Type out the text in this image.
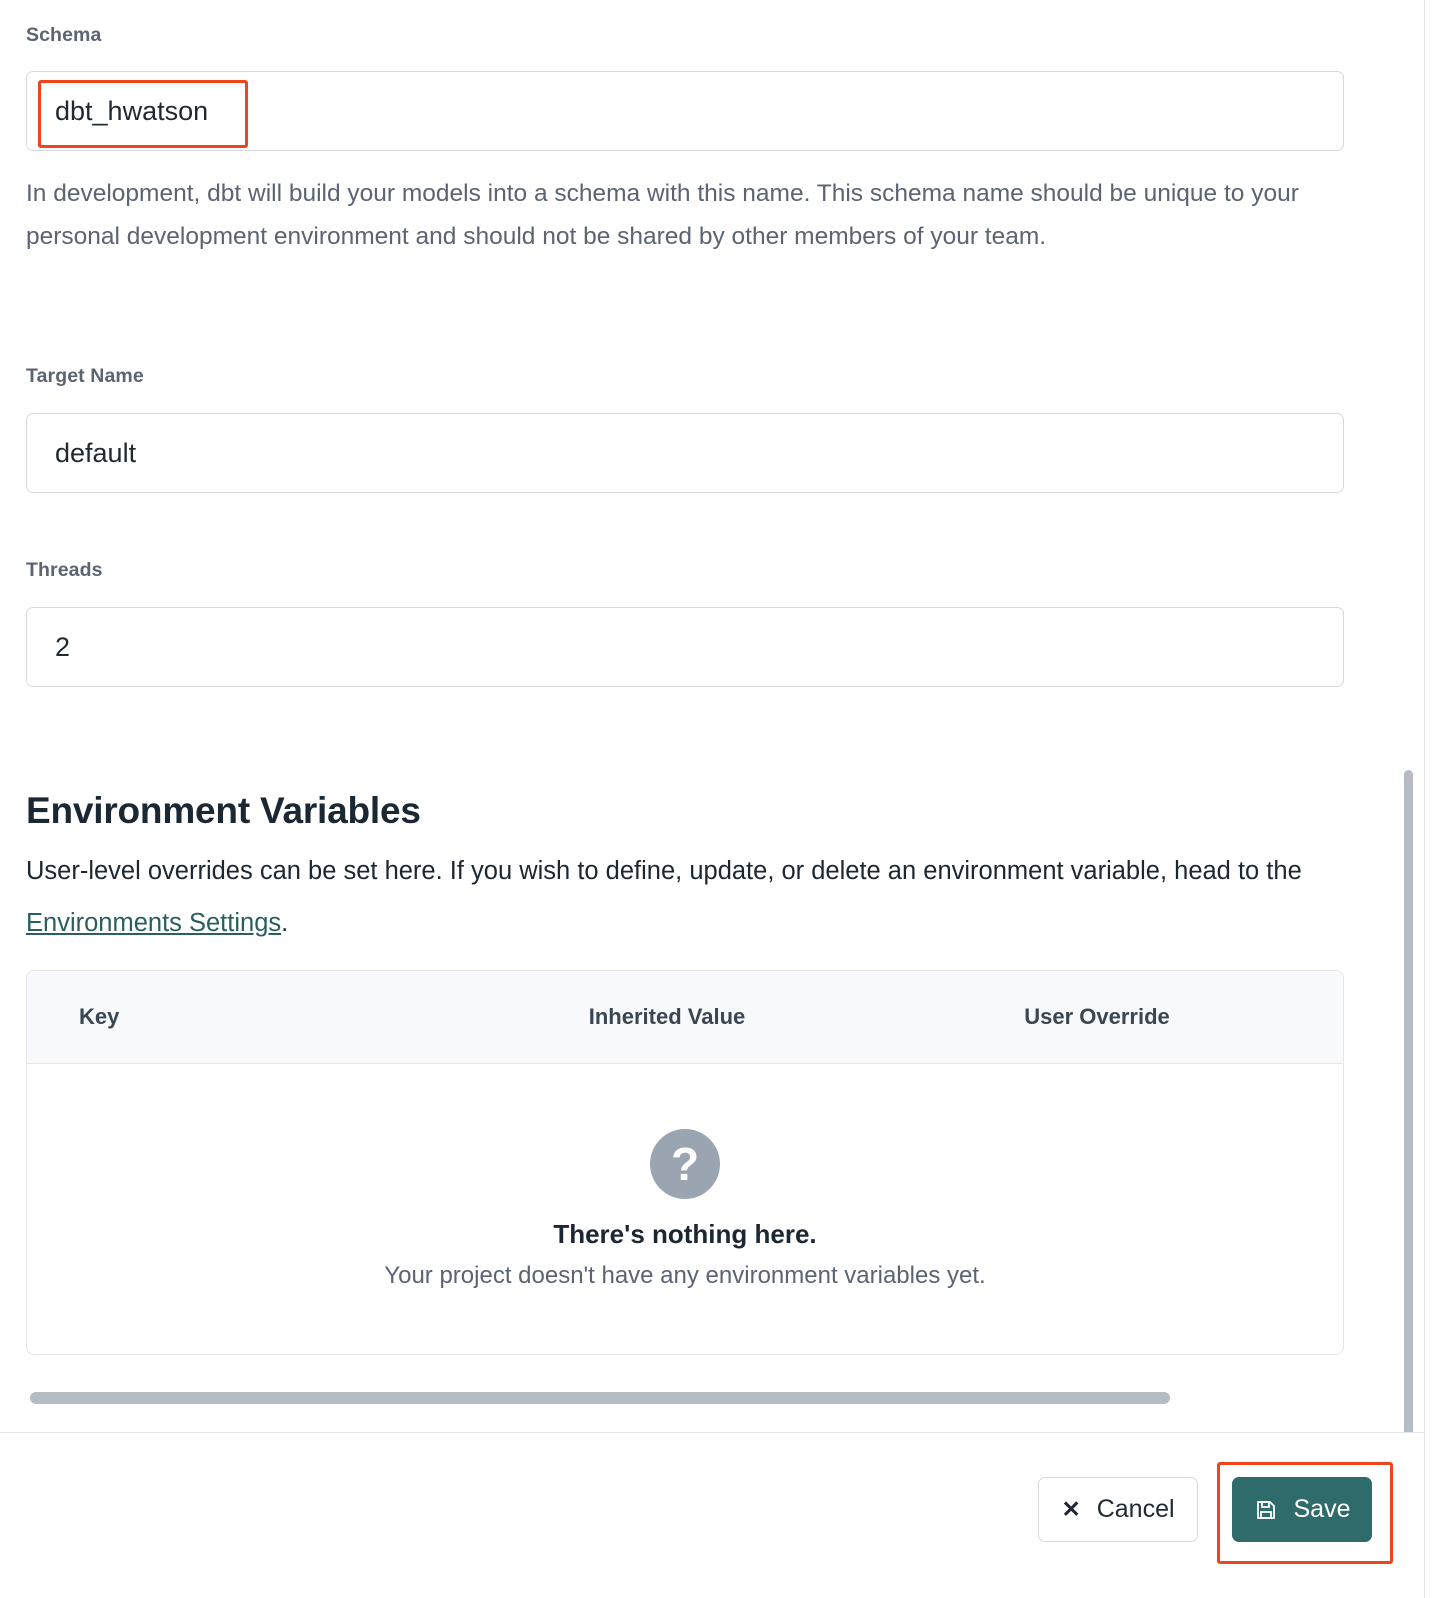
Schema
dbt_hwatson
In development, dbt will build your models into a schema with this name. This schema name should be unique to your personal development environment and should not be shared by other members of your team.
Target Name
default
Threads
2
Environment Variables
User-level overrides can be set here. If you wish to define, update, or delete an environment variable, head to the Environments Settings.
Key	Inherited Value	User Override
?
There's nothing here.
Your project doesn't have any environment variables yet.
✕ Cancel	Save
